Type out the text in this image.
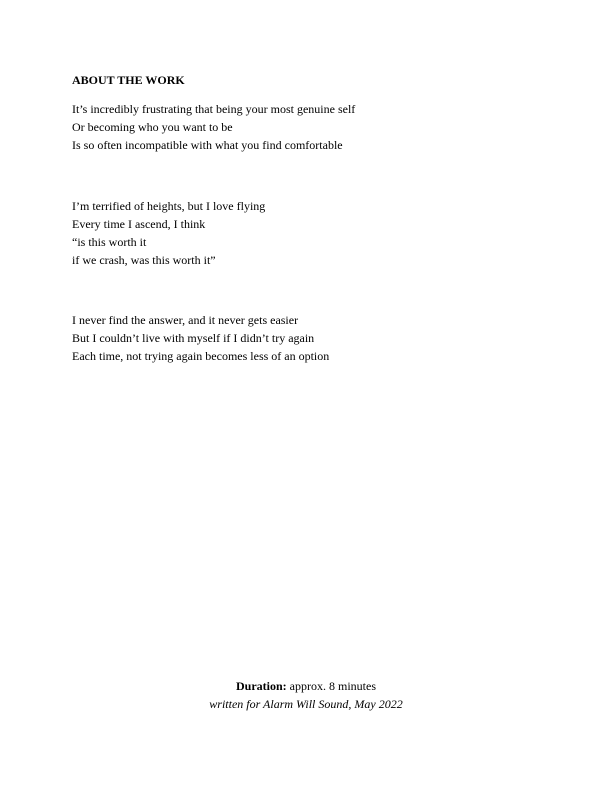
ABOUT THE WORK
It’s incredibly frustrating that being your most genuine self
Or becoming who you want to be
Is so often incompatible with what you find comfortable
I’m terrified of heights, but I love flying
Every time I ascend, I think
“is this worth it
if we crash, was this worth it”
I never find the answer, and it never gets easier
But I couldn’t live with myself if I didn’t try again
Each time, not trying again becomes less of an option
Duration: approx. 8 minutes
written for Alarm Will Sound, May 2022
